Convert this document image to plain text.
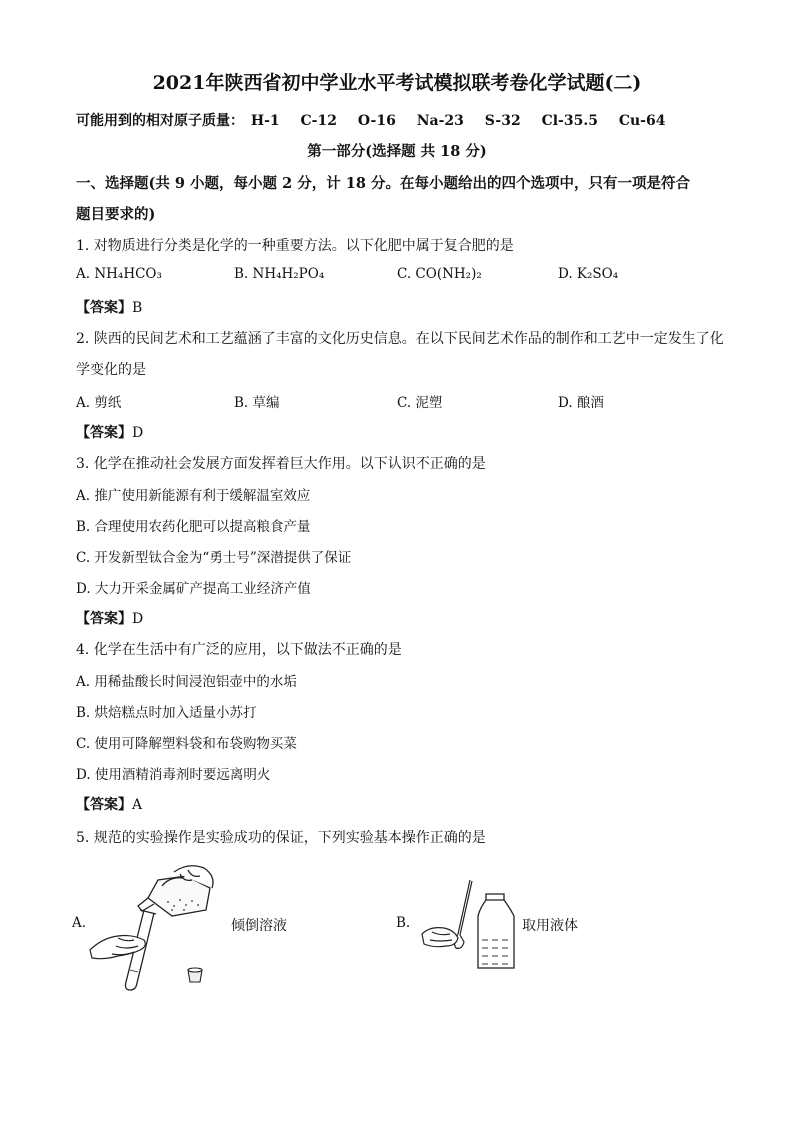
2021年陕西省初中学业水平考试模拟联考卷化学试题(二)
可能用到的相对原子质量： H-1 C-12 O-16 Na-23 S-32 Cl-35.5 Cu-64
第一部分(选择题 共 18 分)
一、选择题(共 9 小题，每小题 2 分，计 18 分。在每小题给出的四个选项中，只有一项是符合
题目要求的)
1. 对物质进行分类是化学的一种重要方法。以下化肥中属于复合肥的是
A. NH₄HCO₃	B. NH₄H₂PO₄	C. CO(NH₂)₂	D. K₂SO₄
【答案】B
2. 陕西的民间艺术和工艺蕴涵了丰富的文化历史信息。在以下民间艺术作品的制作和工艺中一定发生了化
学变化的是
A. 剪纸	B. 草编	C. 泥塑	D. 酿酒
【答案】D
3. 化学在推动社会发展方面发挥着巨大作用。以下认识不正确的是
A. 推广使用新能源有利于缓解温室效应
B. 合理使用农药化肥可以提高粮食产量
C. 开发新型钛合金为“勇士号”深潜提供了保证
D. 大力开采金属矿产提高工业经济产值
【答案】D
4. 化学在生活中有广泛的应用，以下做法不正确的是
A. 用稀盐酸长时间浸泡铝壶中的水垢
B. 烘焙糕点时加入适量小苏打
C. 使用可降解塑料袋和布袋购物买菜
D. 使用酒精消毒剂时要远离明火
【答案】A
5. 规范的实验操作是实验成功的保证，下列实验基本操作正确的是
A.	倾倒溶液	B.	取用液体
